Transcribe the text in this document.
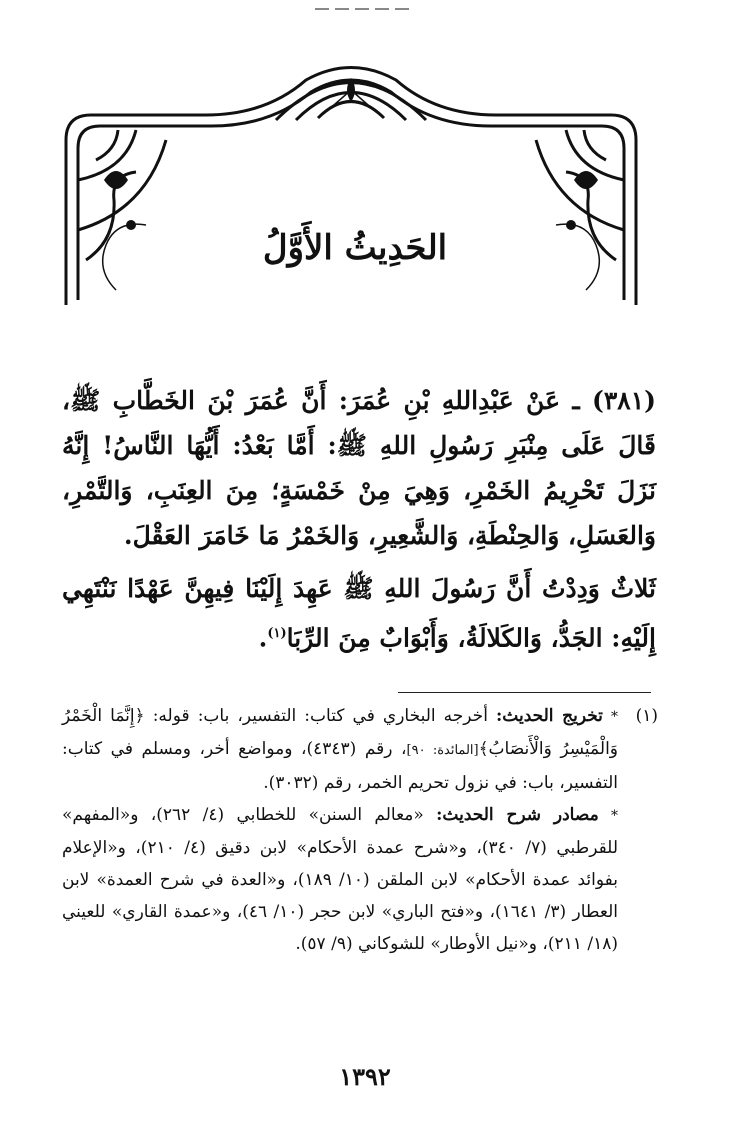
الحَدِيثُ الأَوَّلُ

(٣٨١) ـ عَنْ عَبْدِاللهِ بْنِ عُمَرَ: أَنَّ عُمَرَ بْنَ الخَطَّابِ ﷺ، قَالَ عَلَى مِنْبَرِ رَسُولِ اللهِ ﷺ: أَمَّا بَعْدُ: أَيُّهَا النَّاسُ! إِنَّهُ نَزَلَ تَحْرِيمُ الخَمْرِ، وَهِيَ مِنْ خَمْسَةٍ؛ مِنَ العِنَبِ، وَالتَّمْرِ، وَالعَسَلِ، وَالحِنْطَةِ، وَالشَّعِيرِ، وَالخَمْرُ مَا خَامَرَ العَقْلَ.

ثَلاثٌ وَدِدْتُ أَنَّ رَسُولَ اللهِ ﷺ عَهِدَ إِلَيْنَا فِيهِنَّ عَهْدًا نَنْتَهِي إِلَيْهِ: الجَدُّ، وَالكَلالَةُ، وَأَبْوَابٌ مِنَ الرِّبَا$^{(١)}$.

(١)

* تخريج الحديث: أخرجه البخاري في كتاب: التفسير، باب: قوله: ﴿إِنَّمَا الْخَمْرُ وَالْمَيْسِرُ وَالْأَنصَابُ﴾[المائدة: ٩٠]، رقم (٤٣٤٣)، ومواضع أخر، ومسلم في كتاب: التفسير، باب: في نزول تحريم الخمر، رقم (٣٠٣٢).

* مصادر شرح الحديث: «معالم السنن» للخطابي (٤/ ٢٦٢)، و«المفهم» للقرطبي (٧/ ٣٤٠)، و«شرح عمدة الأحكام» لابن دقيق (٤/ ٢١٠)، و«الإعلام بفوائد عمدة الأحكام» لابن الملقن (١٠/ ١٨٩)، و«العدة في شرح العمدة» لابن العطار (٣/ ١٦٤١)، و«فتح الباري» لابن حجر (١٠/ ٤٦)، و«عمدة القاري» للعيني (١٨/ ٢١١)، و«نيل الأوطار» للشوكاني (٩/ ٥٧).

١٣٩٢
